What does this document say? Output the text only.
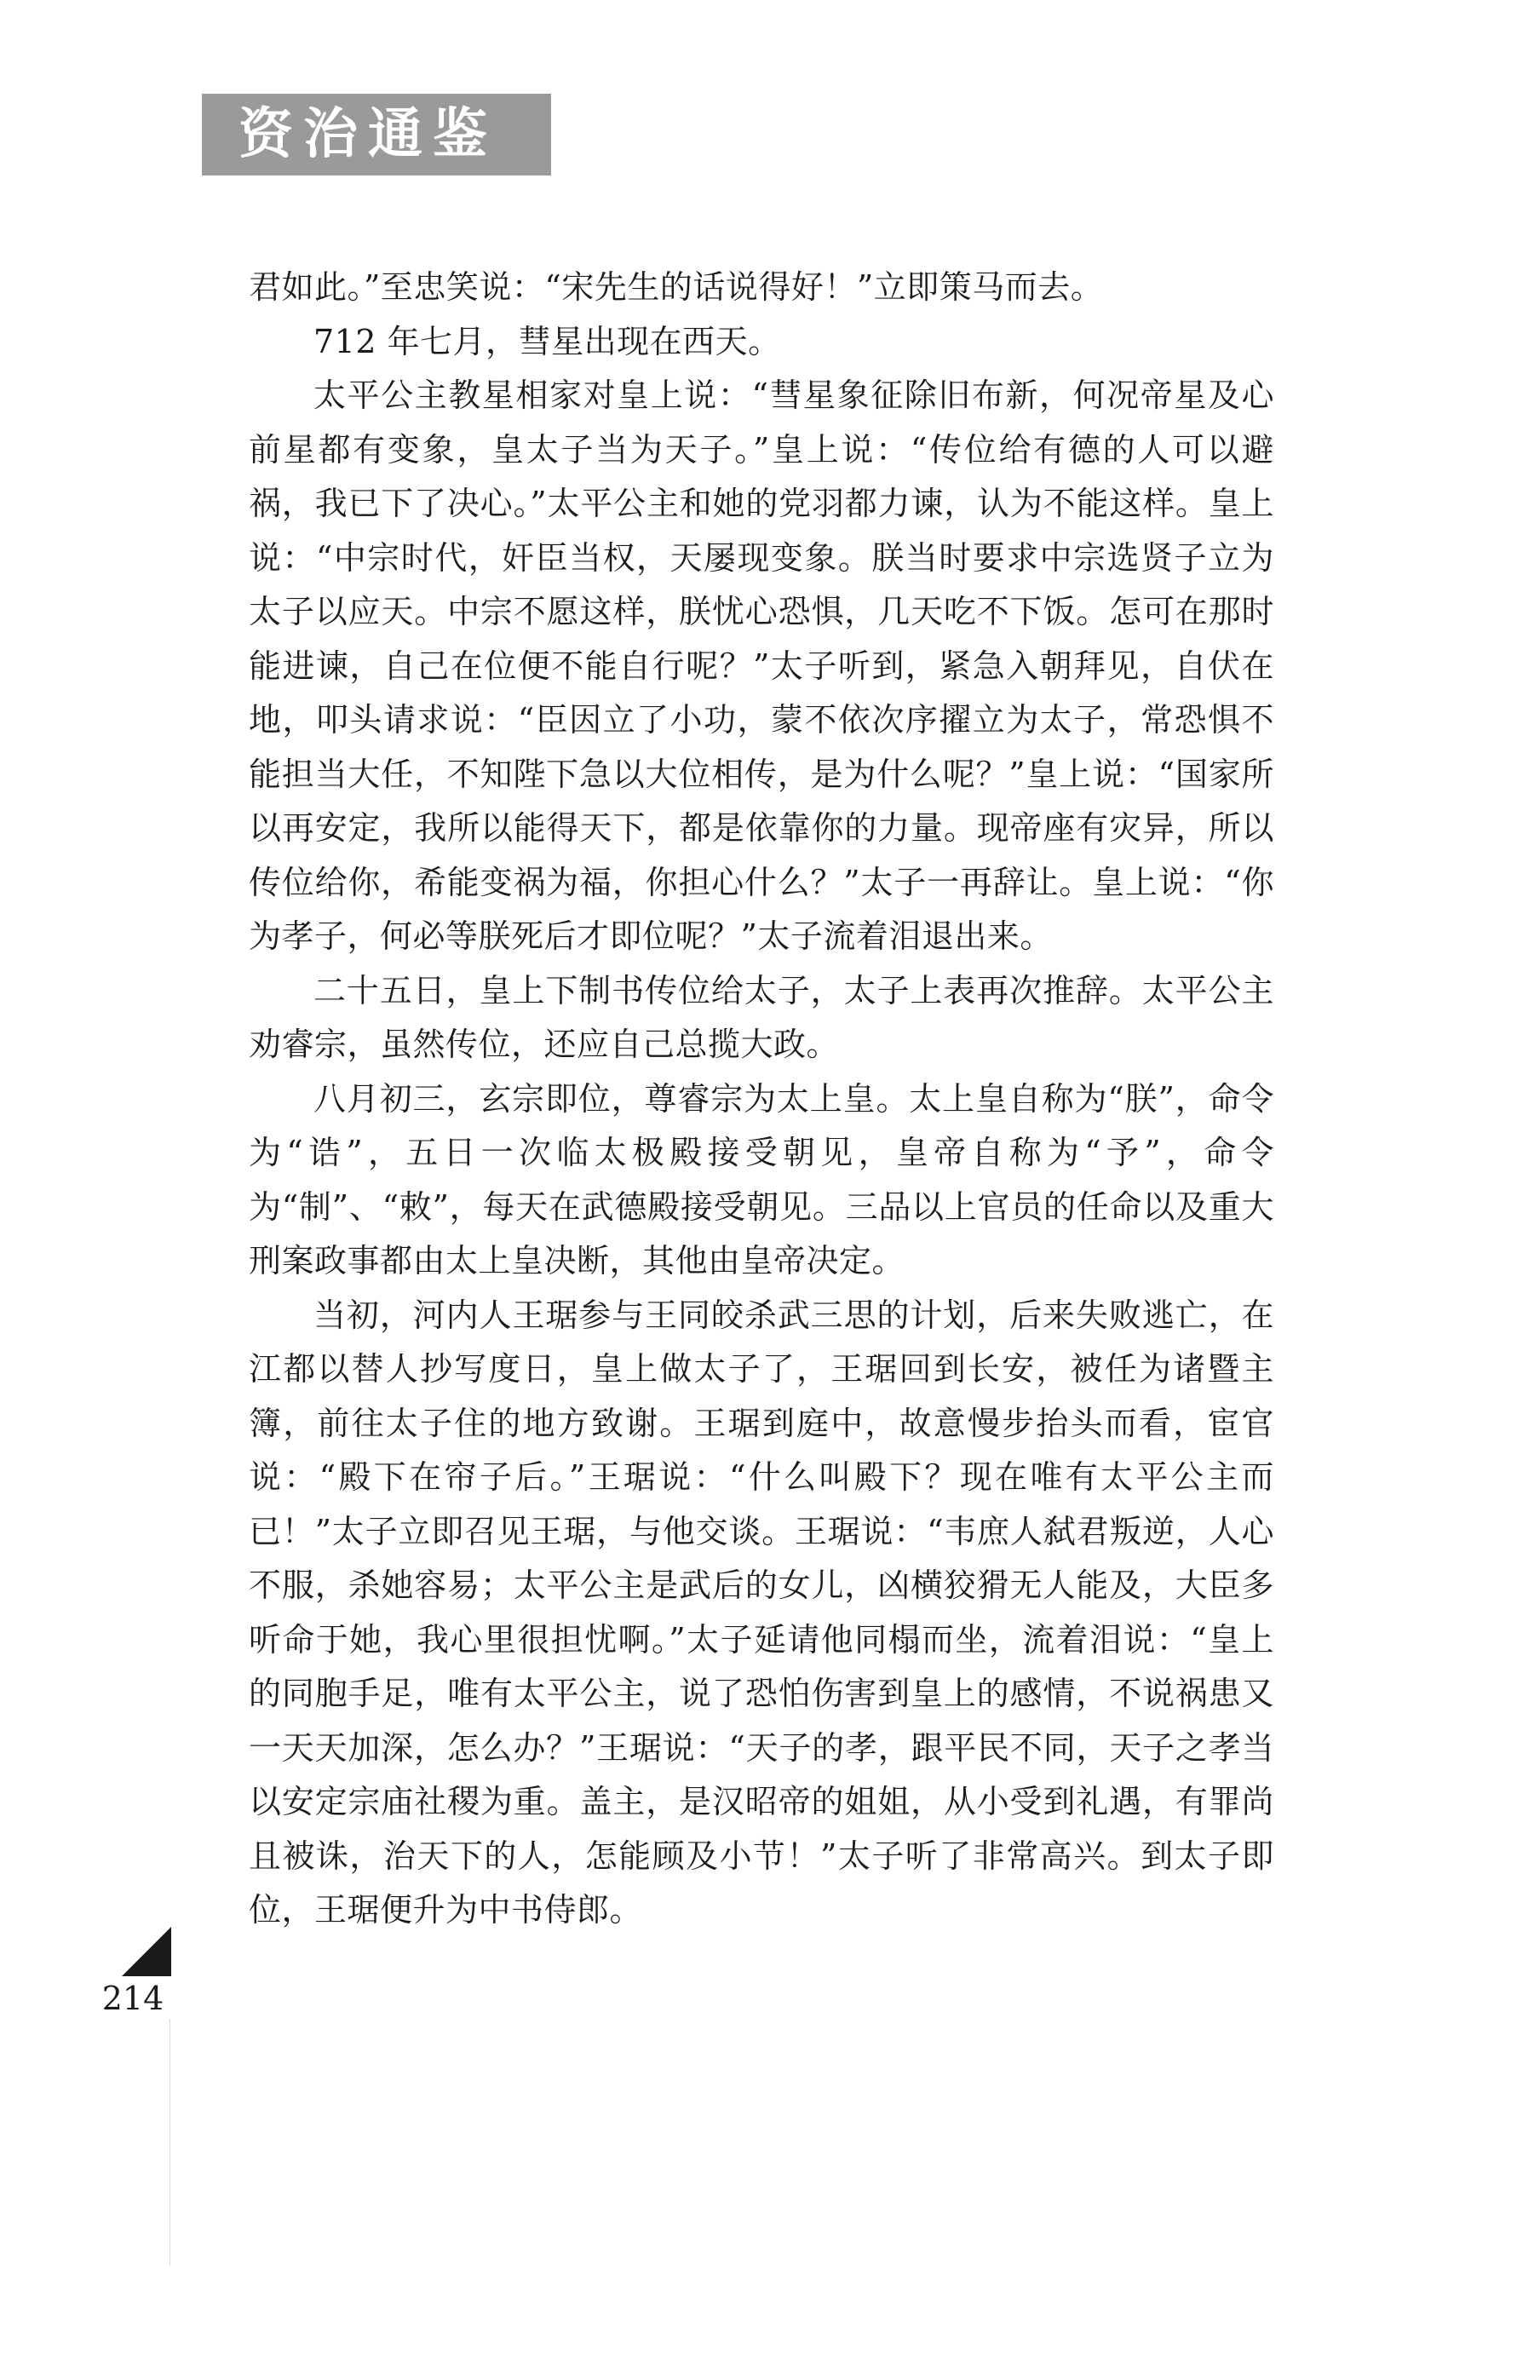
资治通鉴

君如此。”至忠笑说：“宋先生的话说得好！”立即策马而去。

712 年七月，彗星出现在西天。

太平公主教星相家对皇上说：“彗星象征除旧布新，何况帝星及心前星都有变象，皇太子当为天子。”皇上说：“传位给有德的人可以避祸，我已下了决心。”太平公主和她的党羽都力谏，认为不能这样。皇上说：“中宗时代，奸臣当权，天屡现变象。朕当时要求中宗选贤子立为太子以应天。中宗不愿这样，朕忧心恐惧，几天吃不下饭。怎可在那时能进谏，自己在位便不能自行呢？”太子听到，紧急入朝拜见，自伏在地，叩头请求说：“臣因立了小功，蒙不依次序擢立为太子，常恐惧不能担当大任，不知陛下急以大位相传，是为什么呢？”皇上说：“国家所以再安定，我所以能得天下，都是依靠你的力量。现帝座有灾异，所以传位给你，希能变祸为福，你担心什么？”太子一再辞让。皇上说：“你为孝子，何必等朕死后才即位呢？”太子流着泪退出来。

二十五日，皇上下制书传位给太子，太子上表再次推辞。太平公主劝睿宗，虽然传位，还应自己总揽大政。

八月初三，玄宗即位，尊睿宗为太上皇。太上皇自称为“朕”，命令为“诰”，五日一次临太极殿接受朝见，皇帝自称为“予”，命令为“制”、“敕”，每天在武德殿接受朝见。三品以上官员的任命以及重大刑案政事都由太上皇决断，其他由皇帝决定。

当初，河内人王琚参与王同皎杀武三思的计划，后来失败逃亡，在江都以替人抄写度日，皇上做太子了，王琚回到长安，被任为诸暨主簿，前往太子住的地方致谢。王琚到庭中，故意慢步抬头而看，宦官说：“殿下在帘子后。”王琚说：“什么叫殿下？现在唯有太平公主而已！”太子立即召见王琚，与他交谈。王琚说：“韦庶人弑君叛逆，人心不服，杀她容易；太平公主是武后的女儿，凶横狡猾无人能及，大臣多听命于她，我心里很担忧啊。”太子延请他同榻而坐，流着泪说：“皇上的同胞手足，唯有太平公主，说了恐怕伤害到皇上的感情，不说祸患又一天天加深，怎么办？”王琚说：“天子的孝，跟平民不同，天子之孝当以安定宗庙社稷为重。盖主，是汉昭帝的姐姐，从小受到礼遇，有罪尚且被诛，治天下的人，怎能顾及小节！”太子听了非常高兴。到太子即位，王琚便升为中书侍郎。

214
